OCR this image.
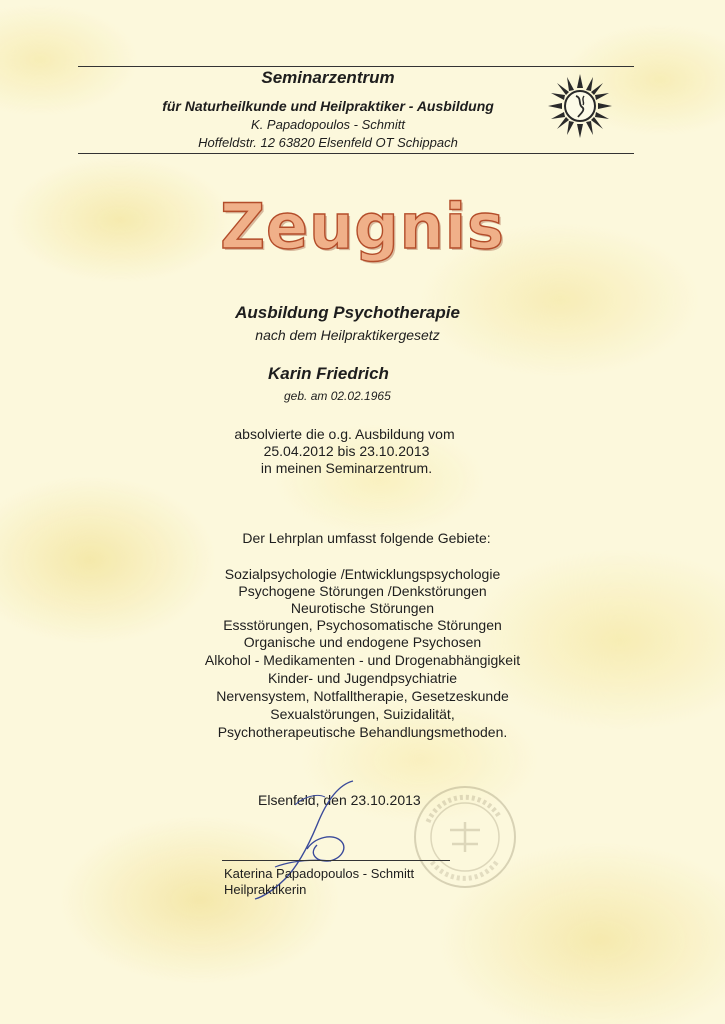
Seminarzentrum
für Naturheilkunde und Heilpraktiker - Ausbildung
K. Papadopoulos - Schmitt
Hoffeldstr. 12 63820 Elsenfeld OT Schippach
Zeugnis
Ausbildung Psychotherapie
nach dem Heilpraktikergesetz
Karin Friedrich
geb. am 02.02.1965
absolvierte die o.g. Ausbildung vom
25.04.2012 bis 23.10.2013
in meinen Seminarzentrum.
Der Lehrplan umfasst folgende Gebiete:
Sozialpsychologie /Entwicklungspsychologie
Psychogene Störungen /Denkstörungen
Neurotische Störungen
Essstörungen, Psychosomatische Störungen
Organische und endogene Psychosen
Alkohol - Medikamenten - und Drogenabhängigkeit
Kinder- und Jugendpsychiatrie
Nervensystem, Notfalltherapie, Gesetzeskunde
Sexualstörungen, Suizidalität,
Psychotherapeutische Behandlungsmethoden.
Elsenfeld, den 23.10.2013
Katerina Papadopoulos - Schmitt
Heilpraktikerin
